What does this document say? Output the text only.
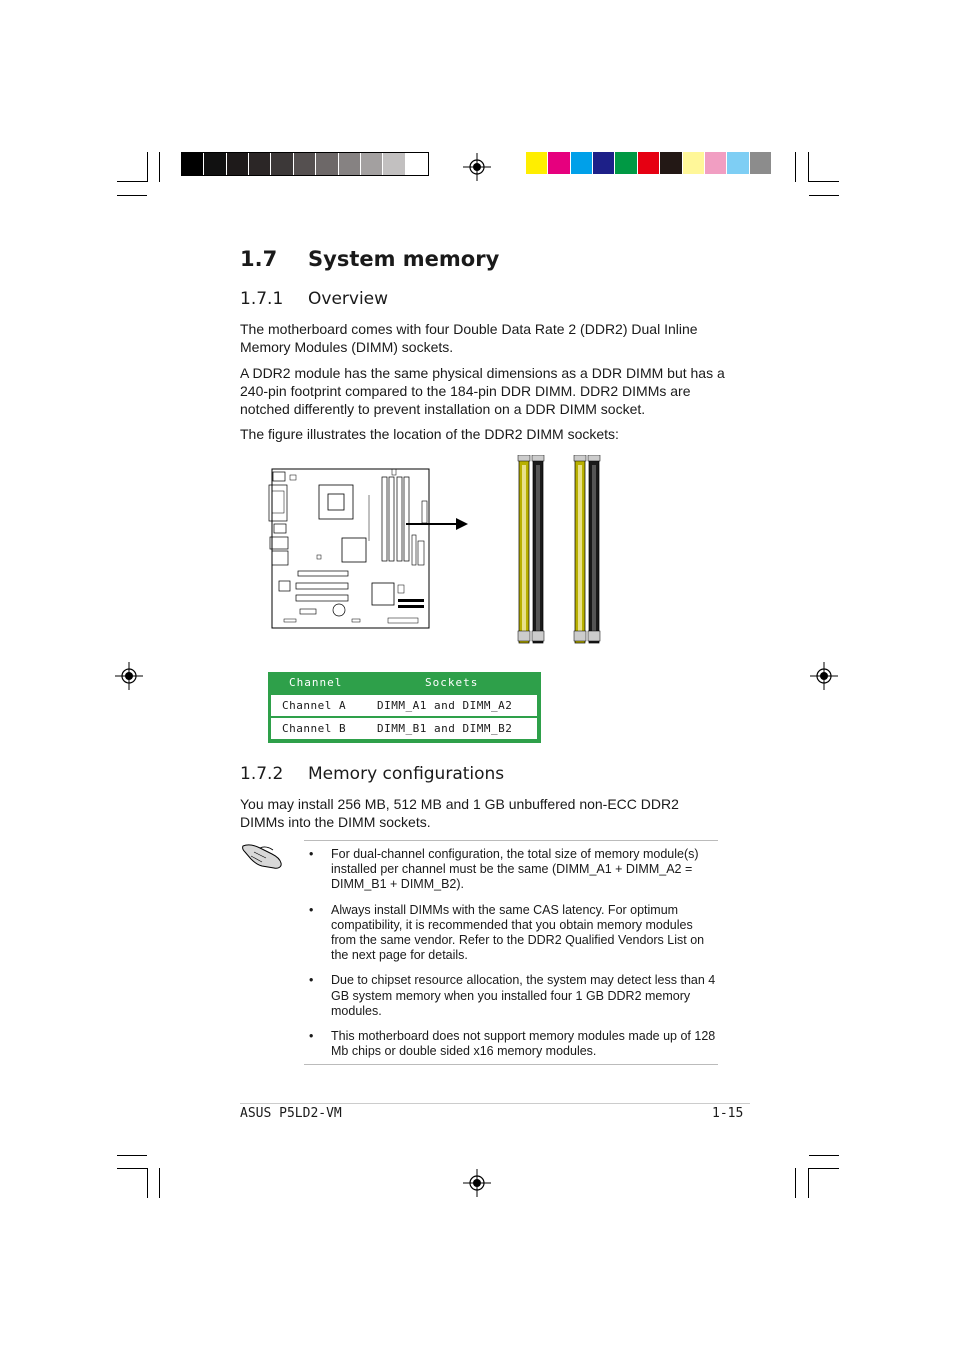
1.7 System memory
1.7.1 Overview
The motherboard comes with four Double Data Rate 2 (DDR2) Dual Inline Memory Modules (DIMM) sockets.
A DDR2 module has the same physical dimensions as a DDR DIMM but has a 240-pin footprint compared to the 184-pin DDR DIMM. DDR2 DIMMs are notched differently to prevent installation on a DDR DIMM socket.
The figure illustrates the location of the DDR2 DIMM sockets:
Channel	Sockets
Channel A	DIMM_A1 and DIMM_A2
Channel B	DIMM_B1 and DIMM_B2
1.7.2 Memory configurations
You may install 256 MB, 512 MB and 1 GB unbuffered non-ECC DDR2 DIMMs into the DIMM sockets.
• For dual-channel configuration, the total size of memory module(s) installed per channel must be the same (DIMM_A1 + DIMM_A2 = DIMM_B1 + DIMM_B2).
• Always install DIMMs with the same CAS latency. For optimum compatibility, it is recommended that you obtain memory modules from the same vendor. Refer to the DDR2 Qualified Vendors List on the next page for details.
• Due to chipset resource allocation, the system may detect less than 4 GB system memory when you installed four 1 GB DDR2 memory modules.
• This motherboard does not support memory modules made up of 128 Mb chips or double sided x16 memory modules.
ASUS P5LD2-VM	1-15
